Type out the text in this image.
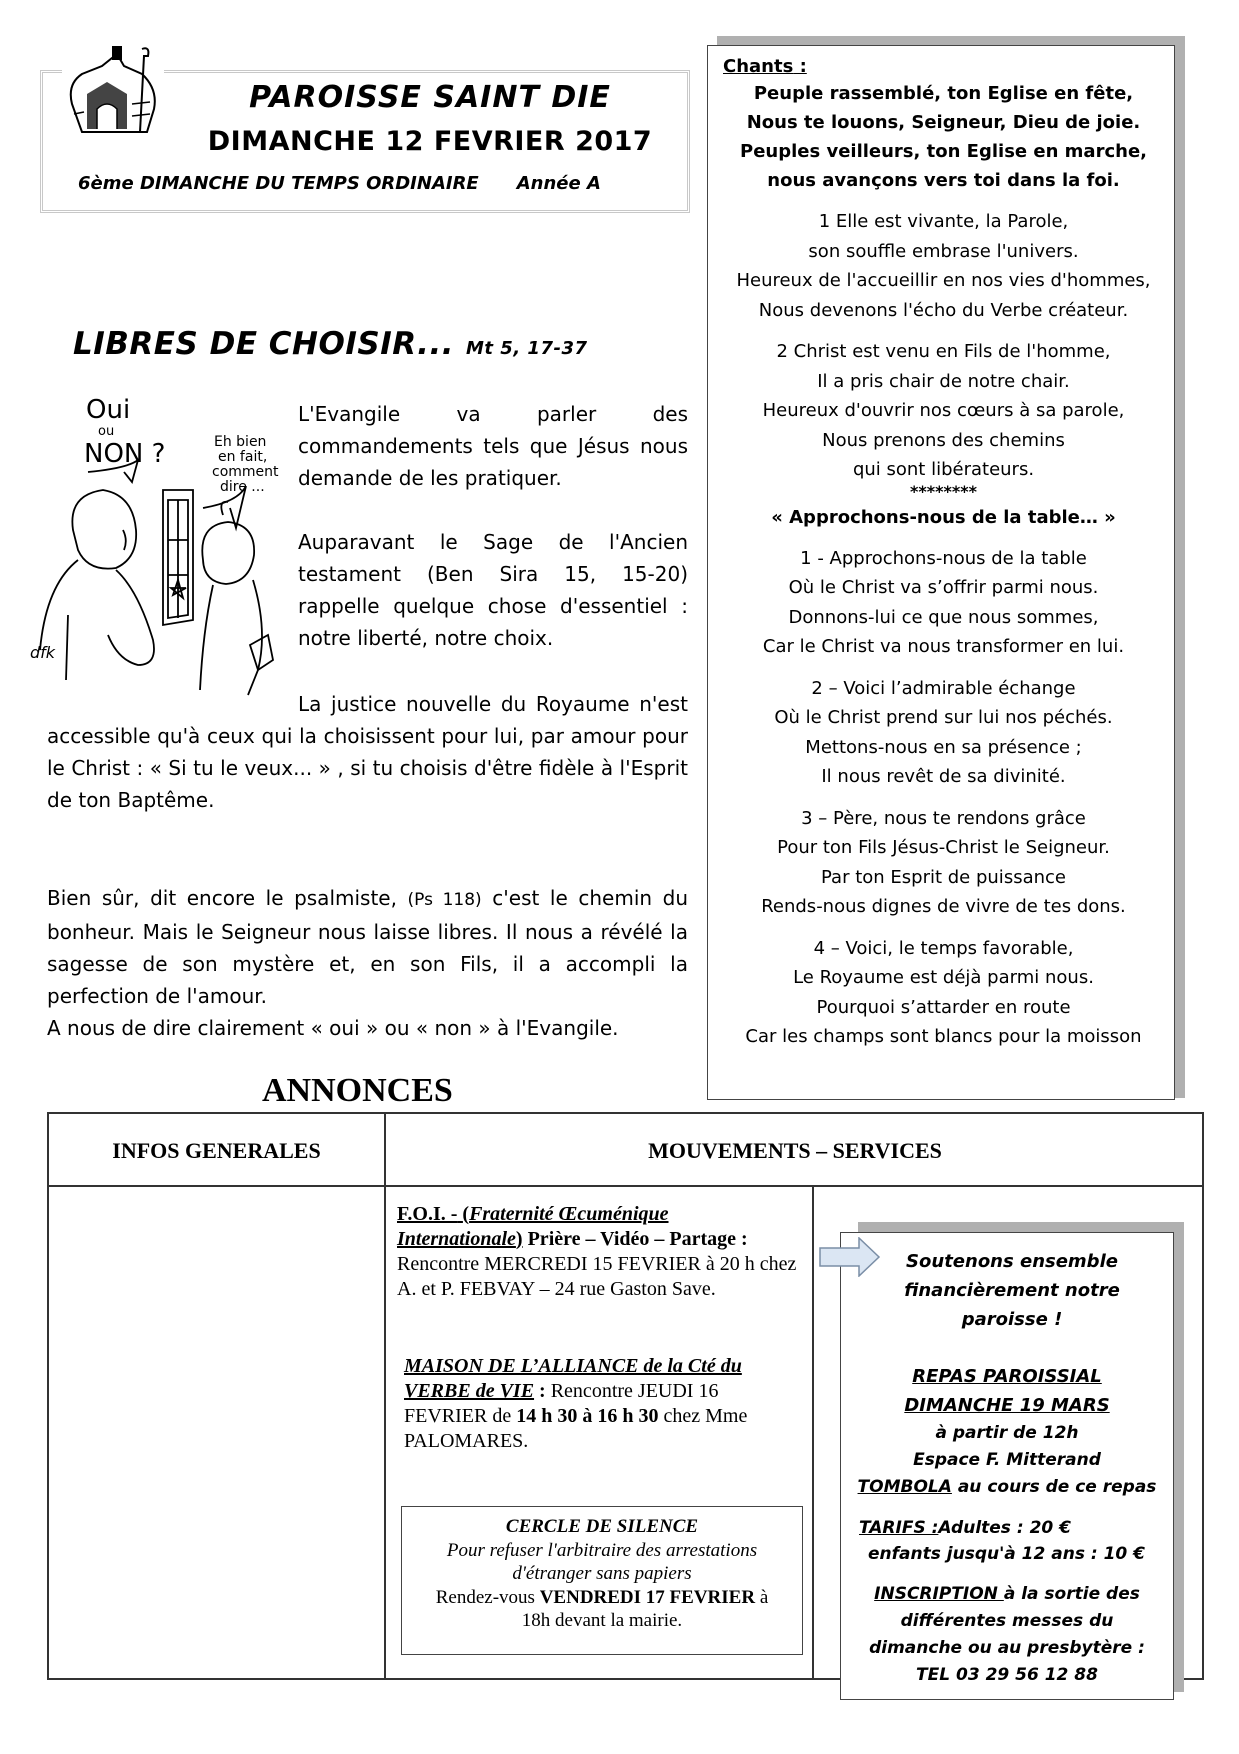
PAROISSE SAINT DIE
DIMANCHE 12 FEVRIER 2017
6ème DIMANCHE DU TEMPS ORDINAIRE Année A
LIBRES DE CHOISIR... Mt 5, 17-37
Oui
ou
NON ?	Eh bien
en fait,
comment
dire ...
dfk

L'Evangile va parler des commandements tels que Jésus nous demande de les pratiquer.

Auparavant le Sage de l'Ancien testament (Ben Sira 15, 15-20) rappelle quelque chose d'essentiel : notre liberté, notre choix.

La justice nouvelle du Royaume n'est accessible qu'à ceux qui la choisissent pour lui, par amour pour le Christ : « Si tu le veux... » , si tu choisis d'être fidèle à l'Esprit de ton Baptême.

Bien sûr, dit encore le psalmiste, (Ps 118) c'est le chemin du bonheur. Mais le Seigneur nous laisse libres. Il nous a révélé la sagesse de son mystère et, en son Fils, il a accompli la perfection de l'amour.
A nous de dire clairement « oui » ou « non » à l'Evangile.

Chants :
Peuple rassemblé, ton Eglise en fête,
Nous te louons, Seigneur, Dieu de joie.
Peuples veilleurs, ton Eglise en marche,
nous avançons vers toi dans la foi.
1 Elle est vivante, la Parole,
son souffle embrase l'univers.
Heureux de l'accueillir en nos vies d'hommes,
Nous devenons l'écho du Verbe créateur.
2 Christ est venu en Fils de l'homme,
Il a pris chair de notre chair.
Heureux d'ouvrir nos cœurs à sa parole,
Nous prenons des chemins
qui sont libérateurs.
********
« Approchons-nous de la table… »
1 - Approchons-nous de la table
Où le Christ va s’offrir parmi nous.
Donnons-lui ce que nous sommes,
Car le Christ va nous transformer en lui.
2 – Voici l’admirable échange
Où le Christ prend sur lui nos péchés.
Mettons-nous en sa présence ;
Il nous revêt de sa divinité.
3 – Père, nous te rendons grâce
Pour ton Fils Jésus-Christ le Seigneur.
Par ton Esprit de puissance
Rends-nous dignes de vivre de tes dons.
4 – Voici, le temps favorable,
Le Royaume est déjà parmi nous.
Pourquoi s’attarder en route
Car les champs sont blancs pour la moisson
ANNONCES
INFOS GENERALES	MOUVEMENTS – SERVICES
F.O.I. - (Fraternité Œcuménique Internationale) Prière – Vidéo – Partage : Rencontre MERCREDI 15 FEVRIER à 20 h chez A. et P. FEBVAY – 24 rue Gaston Save.
MAISON DE L’ALLIANCE de la Cté du VERBE de VIE : Rencontre JEUDI 16 FEVRIER de 14 h 30 à 16 h 30 chez Mme PALOMARES.
CERCLE DE SILENCE
Pour refuser l'arbitraire des arrestations d'étranger sans papiers
Rendez-vous VENDREDI 17 FEVRIER à 18h devant la mairie.
Soutenons ensemble financièrement notre paroisse !
REPAS PAROISSIAL
DIMANCHE 19 MARS
à partir de 12h
Espace F. Mitterand
TOMBOLA au cours de ce repas
TARIFS :Adultes : 20 €
enfants jusqu'à 12 ans : 10 €
INSCRIPTION à la sortie des différentes messes du dimanche ou au presbytère :
TEL 03 29 56 12 88
